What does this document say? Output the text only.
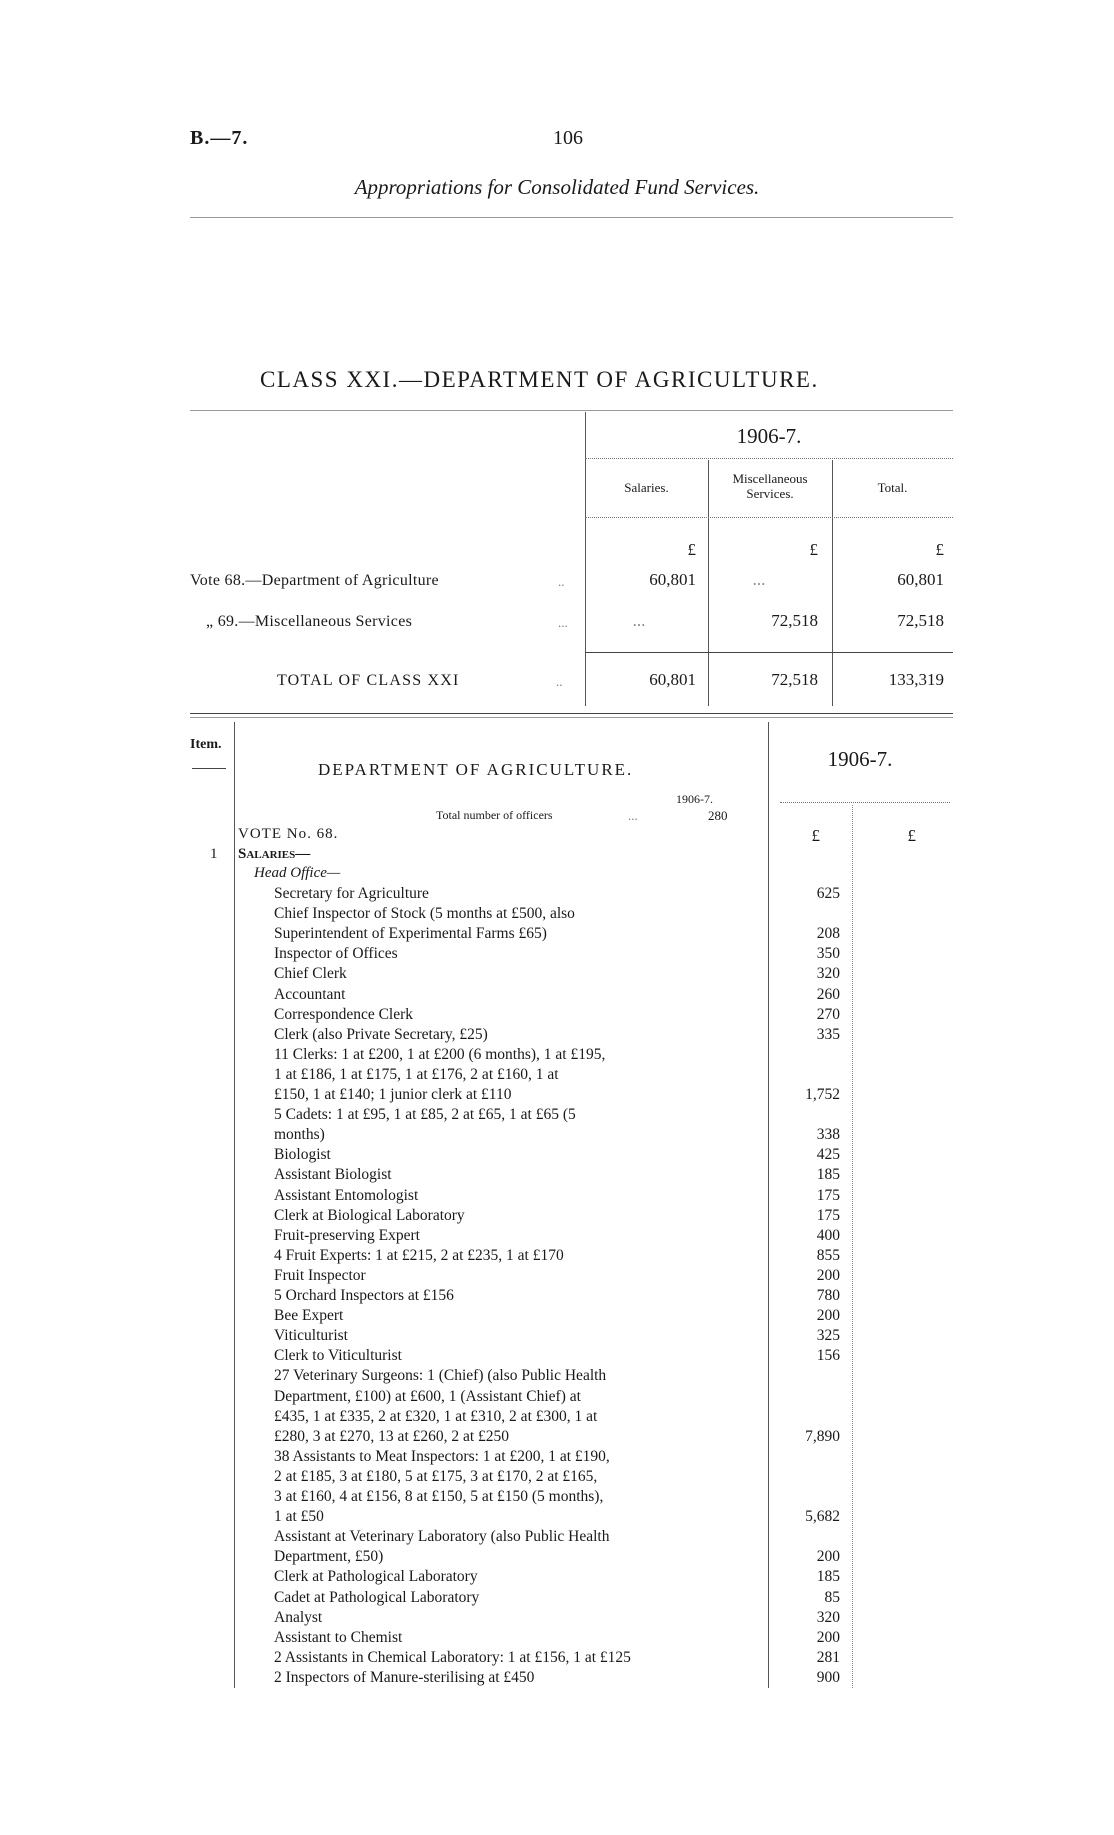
B.—7.	106
Appropriations for Consolidated Fund Services.
CLASS XXI.—DEPARTMENT OF AGRICULTURE.
1906-7.
Salaries.
Miscellaneous Services.	Total.
£	£	£
Vote 68.—Department of Agriculture	..	60,801	...	60,801
„ 69.—Miscellaneous Services	...	...	72,518	72,518
TOTAL OF CLASS XXI	..	60,801	72,518	133,319
Item.
DEPARTMENT OF AGRICULTURE.	1906-7.
1906-7.
Total number of officers	...	280
VOTE No. 68.	£	£
1 Salaries—
Head Office—
Secretary for Agriculture	625
Chief Inspector of Stock (5 months at £500, also
Superintendent of Experimental Farms £65)	208
Inspector of Offices	350
Chief Clerk	320
Accountant	260
Correspondence Clerk	270
Clerk (also Private Secretary, £25)	335
11 Clerks: 1 at £200, 1 at £200 (6 months), 1 at £195,
1 at £186, 1 at £175, 1 at £176, 2 at £160, 1 at
£150, 1 at £140; 1 junior clerk at £110	1,752
5 Cadets: 1 at £95, 1 at £85, 2 at £65, 1 at £65 (5
months)	338
Biologist	425
Assistant Biologist	185
Assistant Entomologist	175
Clerk at Biological Laboratory	175
Fruit-preserving Expert	400
4 Fruit Experts: 1 at £215, 2 at £235, 1 at £170	855
Fruit Inspector	200
5 Orchard Inspectors at £156	780
Bee Expert	200
Viticulturist	325
Clerk to Viticulturist	156
27 Veterinary Surgeons: 1 (Chief) (also Public Health
Department, £100) at £600, 1 (Assistant Chief) at
£435, 1 at £335, 2 at £320, 1 at £310, 2 at £300, 1 at
£280, 3 at £270, 13 at £260, 2 at £250	7,890
38 Assistants to Meat Inspectors: 1 at £200, 1 at £190,
2 at £185, 3 at £180, 5 at £175, 3 at £170, 2 at £165,
3 at £160, 4 at £156, 8 at £150, 5 at £150 (5 months),
1 at £50	5,682
Assistant at Veterinary Laboratory (also Public Health
Department, £50)	200
Clerk at Pathological Laboratory	185
Cadet at Pathological Laboratory	85
Analyst	320
Assistant to Chemist	200
2 Assistants in Chemical Laboratory: 1 at £156, 1 at £125	281
2 Inspectors of Manure-sterilising at £450	900
